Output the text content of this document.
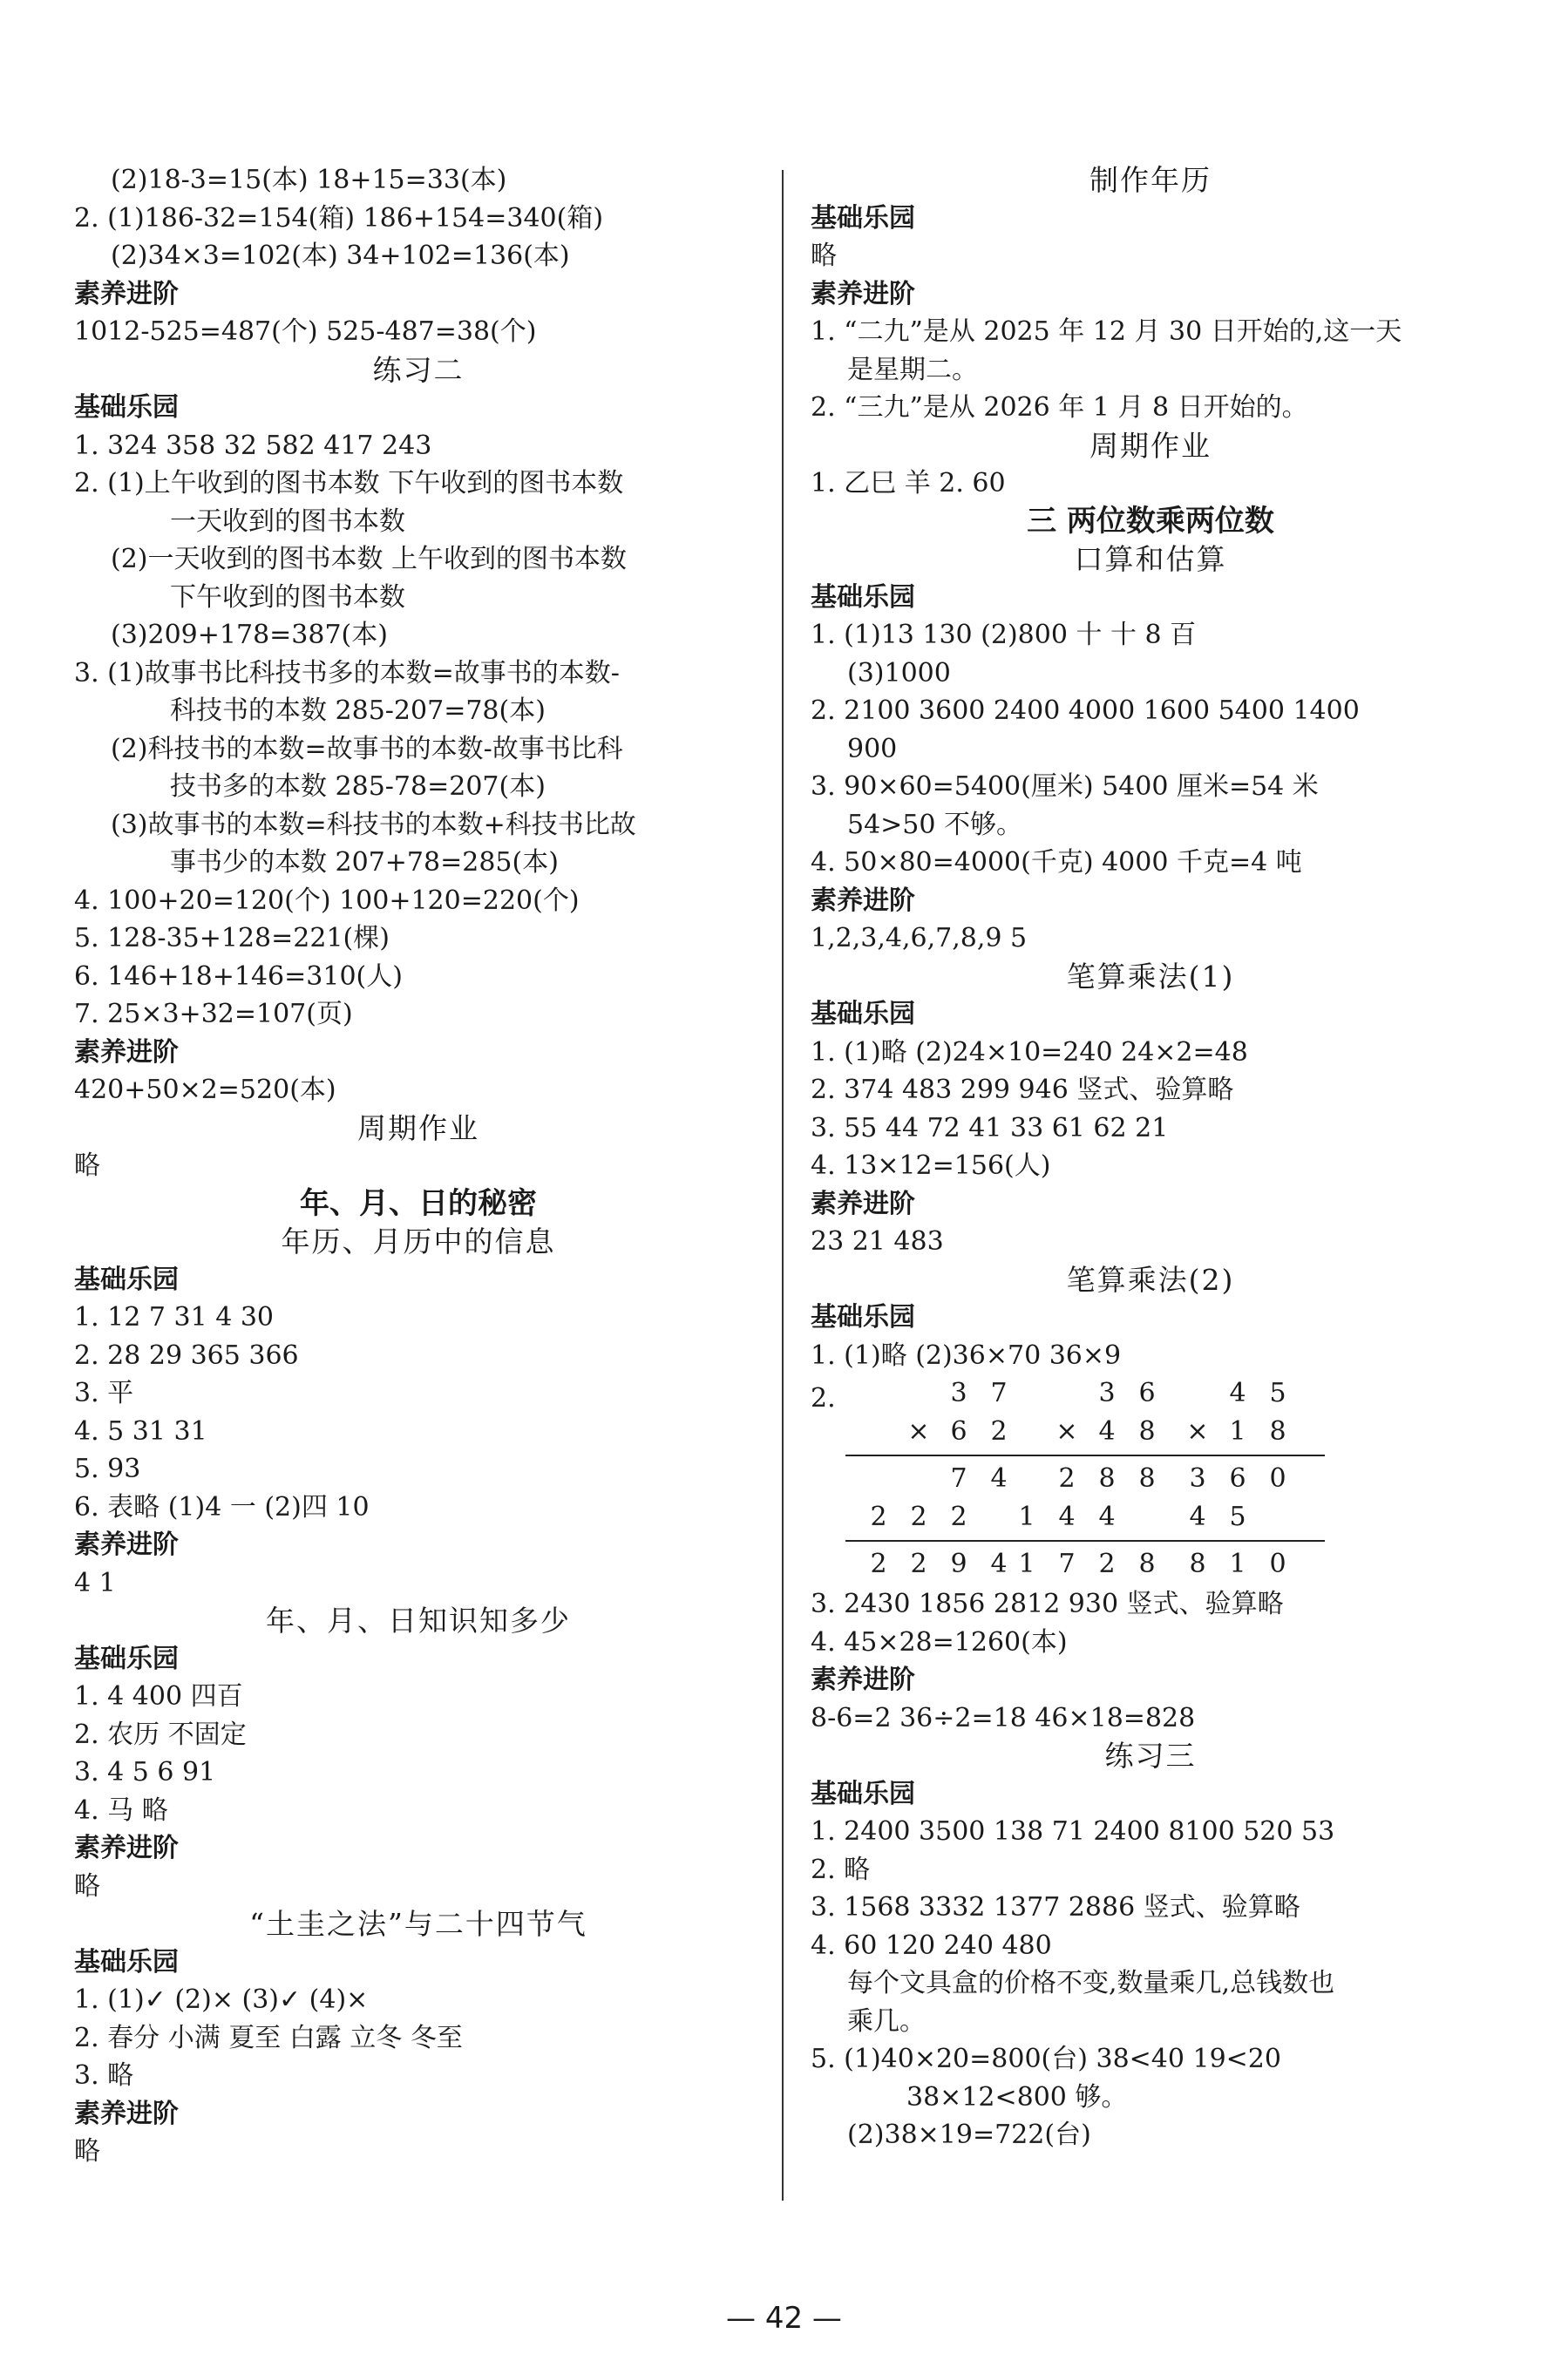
(2)18-3=15(本) 18+15=33(本)
2. (1)186-32=154(箱) 186+154=340(箱)
(2)34×3=102(本) 34+102=136(本)
素养进阶
1012-525=487(个) 525-487=38(个)
练习二
基础乐园
1. 324 358 32 582 417 243
2. (1)上午收到的图书本数 下午收到的图书本数
一天收到的图书本数
(2)一天收到的图书本数 上午收到的图书本数
下午收到的图书本数
(3)209+178=387(本)
3. (1)故事书比科技书多的本数=故事书的本数-
科技书的本数 285-207=78(本)
(2)科技书的本数=故事书的本数-故事书比科
技书多的本数 285-78=207(本)
(3)故事书的本数=科技书的本数+科技书比故
事书少的本数 207+78=285(本)
4. 100+20=120(个) 100+120=220(个)
5. 128-35+128=221(棵)
6. 146+18+146=310(人)
7. 25×3+32=107(页)
素养进阶
420+50×2=520(本)
周期作业
略
年、月、日的秘密
年历、月历中的信息
基础乐园
1. 12 7 31 4 30
2. 28 29 365 366
3. 平
4. 5 31 31
5. 93
6. 表略 (1)4 一 (2)四 10
素养进阶
4 1
年、月、日知识知多少
基础乐园
1. 4 400 四百
2. 农历 不固定
3. 4 5 6 91
4. 马 略
素养进阶
略
“土圭之法”与二十四节气
基础乐园
1. (1)✓ (2)× (3)✓ (4)×
2. 春分 小满 夏至 白露 立冬 冬至
3. 略
素养进阶
略
制作年历
基础乐园
略
素养进阶
1. “二九”是从 2025 年 12 月 30 日开始的,这一天
是星期二。
2. “三九”是从 2026 年 1 月 8 日开始的。
周期作业
1. 乙巳 羊 2. 60
三 两位数乘两位数
口算和估算
基础乐园
1. (1)13 130 (2)800 十 十 8 百
(3)1000
2. 2100 3600 2400 4000 1600 5400 1400
900
3. 90×60=5400(厘米) 5400 厘米=54 米
54>50 不够。
4. 50×80=4000(千克) 4000 千克=4 吨
素养进阶
1,2,3,4,6,7,8,9 5
笔算乘法(1)
基础乐园
1. (1)略 (2)24×10=240 24×2=48
2. 374 483 299 946 竖式、验算略
3. 55 44 72 41 33 61 62 21
4. 13×12=156(人)
素养进阶
23 21 483
笔算乘法(2)
基础乐园
1. (1)略 (2)36×70 36×9
2.	3 7
× 6 2
7 4
2 2 2
2 2 9 4
3 6
× 4 8
2 8 8
1 4 4
1 7 2 8
4 5
× 1 8
3 6 0
4 5
8 1 0
3. 2430 1856 2812 930 竖式、验算略
4. 45×28=1260(本)
素养进阶
8-6=2 36÷2=18 46×18=828
练习三
基础乐园
1. 2400 3500 138 71 2400 8100 520 53
2. 略
3. 1568 3332 1377 2886 竖式、验算略
4. 60 120 240 480
每个文具盒的价格不变,数量乘几,总钱数也
乘几。
5. (1)40×20=800(台) 38<40 19<20
38×12<800 够。
(2)38×19=722(台)
— 42 —
